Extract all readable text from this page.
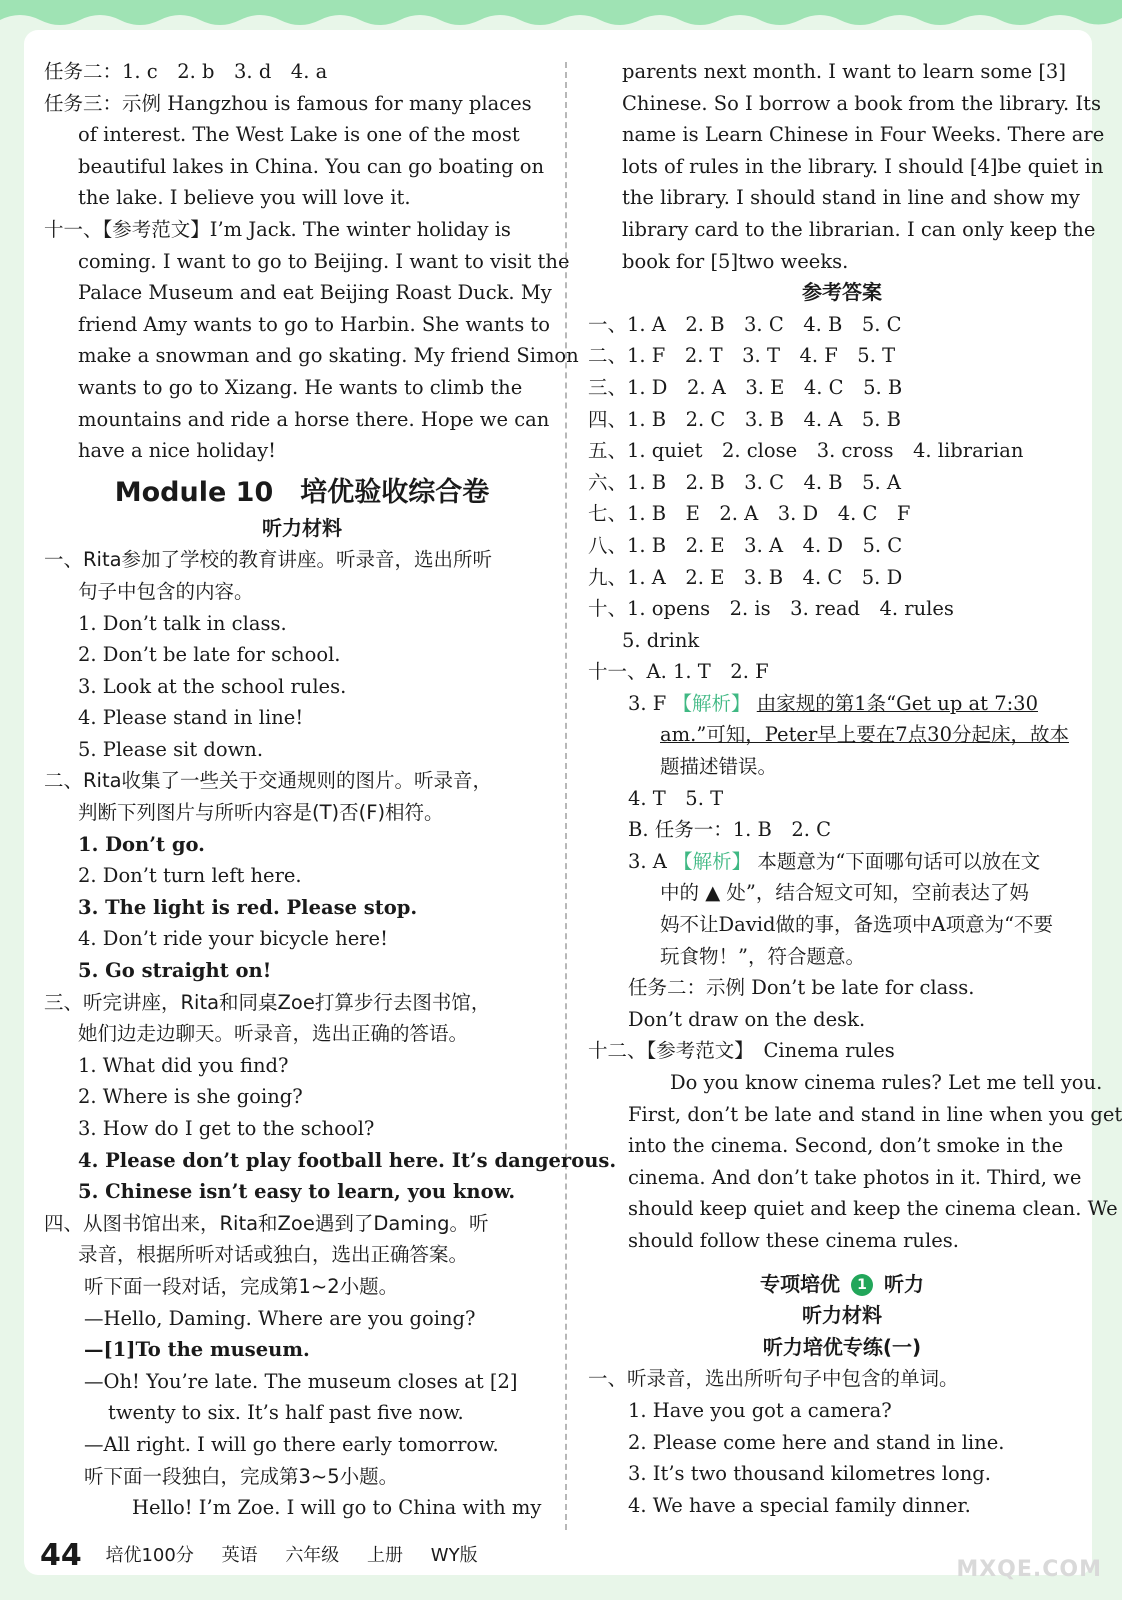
任务二：1. c　2. b　3. d　4. a
任务三：示例 Hangzhou is famous for many places
of interest. The West Lake is one of the most
beautiful lakes in China. You can go boating on
the lake. I believe you will love it.
十一、【参考范文】I’m Jack. The winter holiday is
coming. I want to go to Beijing. I want to visit the
Palace Museum and eat Beijing Roast Duck. My
friend Amy wants to go to Harbin. She wants to
make a snowman and go skating. My friend Simon
wants to go to Xizang. He wants to climb the
mountains and ride a horse there. Hope we can
have a nice holiday!
Module 10　培优验收综合卷
听力材料
一、Rita参加了学校的教育讲座。听录音，选出所听
句子中包含的内容。
1. Don’t talk in class.
2. Don’t be late for school.
3. Look at the school rules.
4. Please stand in line!
5. Please sit down.
二、Rita收集了一些关于交通规则的图片。听录音，
判断下列图片与所听内容是(T)否(F)相符。
1. Don’t go.
2. Don’t turn left here.
3. The light is red. Please stop.
4. Don’t ride your bicycle here!
5. Go straight on!
三、听完讲座，Rita和同桌Zoe打算步行去图书馆，
她们边走边聊天。听录音，选出正确的答语。
1. What did you find?
2. Where is she going?
3. How do I get to the school?
4. Please don’t play football here. It’s dangerous.
5. Chinese isn’t easy to learn, you know.
四、从图书馆出来，Rita和Zoe遇到了Daming。听
录音，根据所听对话或独白，选出正确答案。
听下面一段对话，完成第1~2小题。
—Hello, Daming. Where are you going?
—[1]To the museum.
—Oh! You’re late. The museum closes at [2]
twenty to six. It’s half past five now.
—All right. I will go there early tomorrow.
听下面一段独白，完成第3~5小题。
Hello! I’m Zoe. I will go to China with my
parents next month. I want to learn some [3]
Chinese. So I borrow a book from the library. Its
name is Learn Chinese in Four Weeks. There are
lots of rules in the library. I should [4]be quiet in
the library. I should stand in line and show my
library card to the librarian. I can only keep the
book for [5]two weeks.
参考答案
一、1. A　2. B　3. C　4. B　5. C
二、1. F　2. T　3. T　4. F　5. T
三、1. D　2. A　3. E　4. C　5. B
四、1. B　2. C　3. B　4. A　5. B
五、1. quiet　2. close　3. cross　4. librarian
六、1. B　2. B　3. C　4. B　5. A
七、1. B　E　2. A　3. D　4. C　F
八、1. B　2. E　3. A　4. D　5. C
九、1. A　2. E　3. B　4. C　5. D
十、1. opens　2. is　3. read　4. rules
5. drink
十一、A. 1. T　2. F
3. F 【解析】 由家规的第1条“Get up at 7:30
am.”可知，Peter早上要在7点30分起床，故本
题描述错误。
4. T　5. T
B. 任务一：1. B　2. C
3. A 【解析】 本题意为“下面哪句话可以放在文
中的 ▲ 处”，结合短文可知，空前表达了妈
妈不让David做的事，备选项中A项意为“不要
玩食物！”，符合题意。
任务二：示例 Don’t be late for class.
Don’t draw on the desk.
十二、【参考范文】　Cinema rules
Do you know cinema rules? Let me tell you.
First, don’t be late and stand in line when you get
into the cinema. Second, don’t smoke in the
cinema. And don’t take photos in it. Third, we
should keep quiet and keep the cinema clean. We
should follow these cinema rules.
专项培优 1 听力
听力材料
听力培优专练(一)
一、听录音，选出所听句子中包含的单词。
1. Have you got a camera?
2. Please come here and stand in line.
3. It’s two thousand kilometres long.
4. We have a special family dinner.
44 培优100分 英语 六年级 上册 WY版
MXQE.COM
